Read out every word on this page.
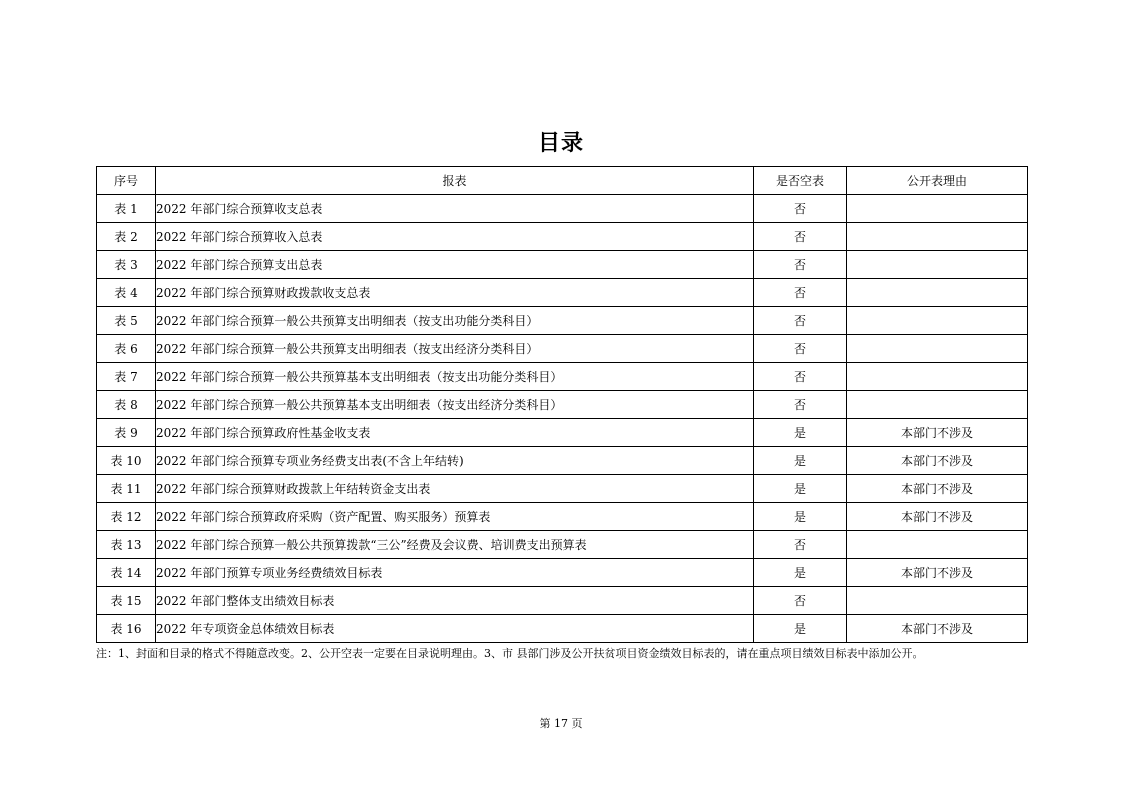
目录
序号	报表	是否空表	公开表理由
表 1	2022 年部门综合预算收支总表	否	
表 2	2022 年部门综合预算收入总表	否	
表 3	2022 年部门综合预算支出总表	否	
表 4	2022 年部门综合预算财政拨款收支总表	否	
表 5	2022 年部门综合预算一般公共预算支出明细表（按支出功能分类科目）	否	
表 6	2022 年部门综合预算一般公共预算支出明细表（按支出经济分类科目）	否	
表 7	2022 年部门综合预算一般公共预算基本支出明细表（按支出功能分类科目）	否	
表 8	2022 年部门综合预算一般公共预算基本支出明细表（按支出经济分类科目）	否	
表 9	2022 年部门综合预算政府性基金收支表	是	本部门不涉及
表 10	2022 年部门综合预算专项业务经费支出表(不含上年结转)	是	本部门不涉及
表 11	2022 年部门综合预算财政拨款上年结转资金支出表	是	本部门不涉及
表 12	2022 年部门综合预算政府采购（资产配置、购买服务）预算表	是	本部门不涉及
表 13	2022 年部门综合预算一般公共预算拨款“三公”经费及会议费、培训费支出预算表	否	
表 14	2022 年部门预算专项业务经费绩效目标表	是	本部门不涉及
表 15	2022 年部门整体支出绩效目标表	否	
表 16	2022 年专项资金总体绩效目标表	是	本部门不涉及
注：1、封面和目录的格式不得随意改变。2、公开空表一定要在目录说明理由。3、市 县部门涉及公开扶贫项目资金绩效目标表的，请在重点项目绩效目标表中添加公开。
第 17 页
